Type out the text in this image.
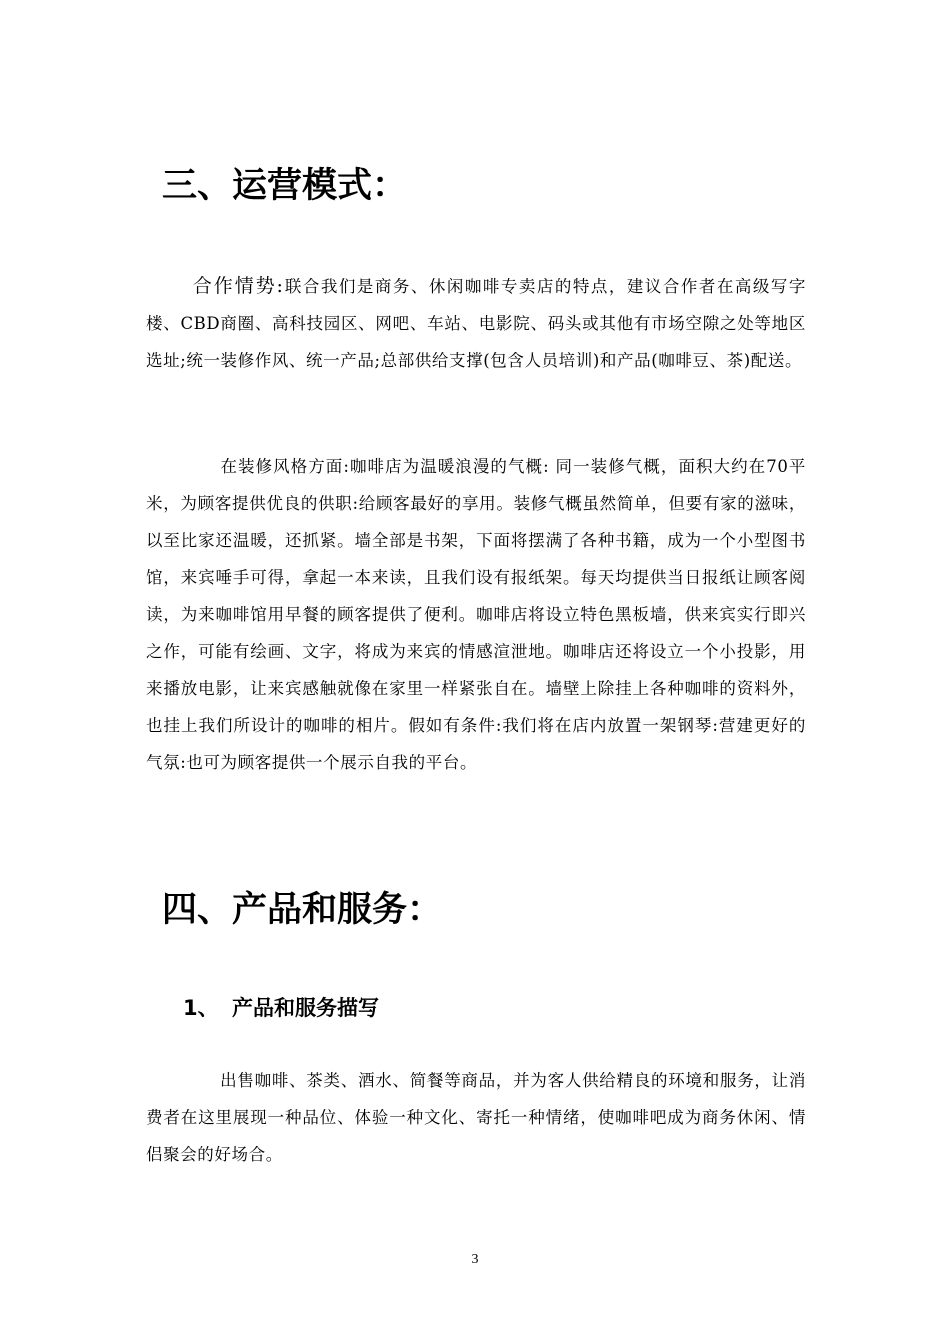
三、运营模式：

合作情势:联合我们是商务、休闲咖啡专卖店的特点，建议合作者在高级写字楼、CBD商圈、高科技园区、网吧、车站、电影院、码头或其他有市场空隙之处等地区选址;统一装修作风、统一产品;总部供给支撑(包含人员培训)和产品(咖啡豆、茶)配送。

在装修风格方面:咖啡店为温暖浪漫的气概: 同一装修气概，面积大约在70平米，为顾客提供优良的供职:给顾客最好的享用。装修气概虽然简单，但要有家的滋味，以至比家还温暖，还抓紧。墙全部是书架，下面将摆满了各种书籍，成为一个小型图书馆，来宾唾手可得，拿起一本来读，且我们设有报纸架。每天均提供当日报纸让顾客阅读，为来咖啡馆用早餐的顾客提供了便利。咖啡店将设立特色黑板墙，供来宾实行即兴之作，可能有绘画、文字，将成为来宾的情感渲泄地。咖啡店还将设立一个小投影，用来播放电影，让来宾感触就像在家里一样紧张自在。墙壁上除挂上各种咖啡的资料外，也挂上我们所设计的咖啡的相片。假如有条件:我们将在店内放置一架钢琴:营建更好的气氛:也可为顾客提供一个展示自我的平台。

四、产品和服务：
1、 产品和服务描写

出售咖啡、茶类、酒水、简餐等商品，并为客人供给精良的环境和服务，让消费者在这里展现一种品位、体验一种文化、寄托一种情绪，使咖啡吧成为商务休闲、情侣聚会的好场合。

3
